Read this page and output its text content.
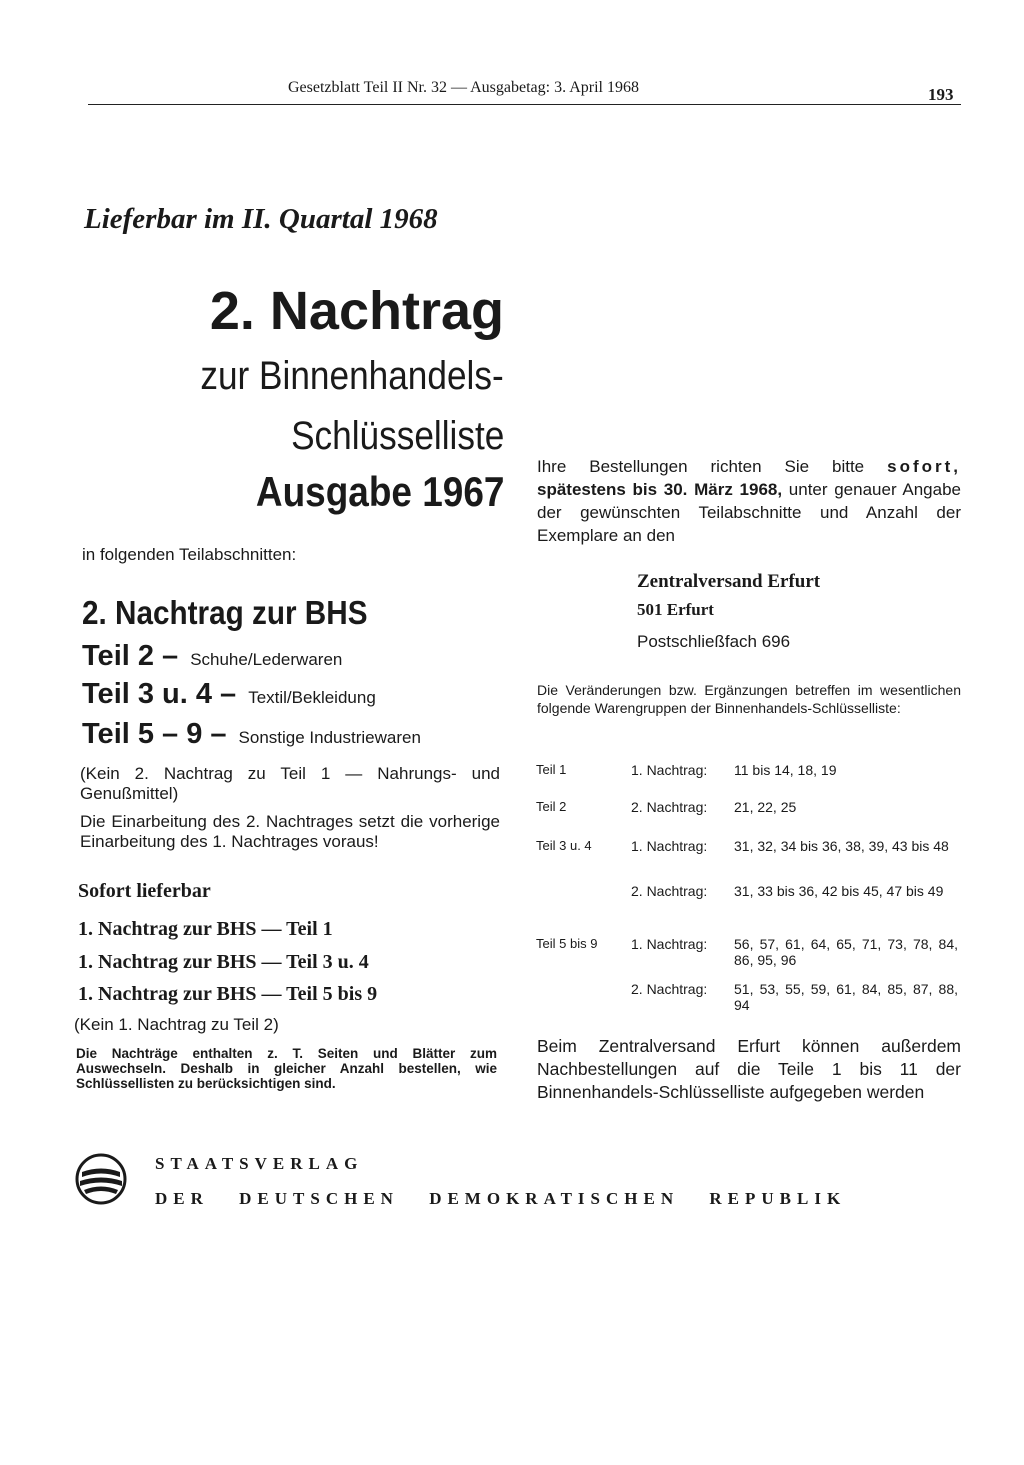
Gesetzblatt Teil II Nr. 32 — Ausgabetag: 3. April 1968	193
Lieferbar im II. Quartal 1968
2. Nachtrag
zur Binnenhandels-
Schlüsselliste
Ausgabe 1967
in folgenden Teilabschnitten:
2. Nachtrag zur BHS
Teil 2 – Schuhe/Lederwaren
Teil 3 u. 4 – Textil/Bekleidung
Teil 5 – 9 – Sonstige Industriewaren
(Kein 2. Nachtrag zu Teil 1 — Nahrungs- und Genußmittel)
Die Einarbeitung des 2. Nachtrages setzt die vorherige Einarbeitung des 1. Nachtrages voraus!
Sofort lieferbar
1. Nachtrag zur BHS — Teil 1
1. Nachtrag zur BHS — Teil 3 u. 4
1. Nachtrag zur BHS — Teil 5 bis 9
(Kein 1. Nachtrag zu Teil 2)
Die Nachträge enthalten z. T. Seiten und Blätter zum Auswechseln. Deshalb in gleicher Anzahl bestellen, wie Schlüssellisten zu berücksichtigen sind.
Ihre Bestellungen richten Sie bitte sofort, spätestens bis 30. März 1968, unter genauer Angabe der gewünschten Teilabschnitte und Anzahl der Exemplare an den
Zentralversand Erfurt
501 Erfurt
Postschließfach 696
Die Veränderungen bzw. Ergänzungen betreffen im wesentlichen folgende Warengruppen der Binnenhandels-Schlüsselliste:
Teil 1	1. Nachtrag:	11 bis 14, 18, 19
Teil 2	2. Nachtrag:	21, 22, 25
Teil 3 u. 4	1. Nachtrag:	31, 32, 34 bis 36, 38, 39, 43 bis 48
2. Nachtrag:	31, 33 bis 36, 42 bis 45, 47 bis 49
Teil 5 bis 9	1. Nachtrag:	56, 57, 61, 64, 65, 71, 73, 78, 84, 86, 95, 96
2. Nachtrag:	51, 53, 55, 59, 61, 84, 85, 87, 88, 94
Beim Zentralversand Erfurt können außerdem Nachbestellungen auf die Teile 1 bis 11 der Binnenhandels-Schlüsselliste aufgegeben werden
STAATSVERLAG
DER DEUTSCHEN DEMOKRATISCHEN REPUBLIK
